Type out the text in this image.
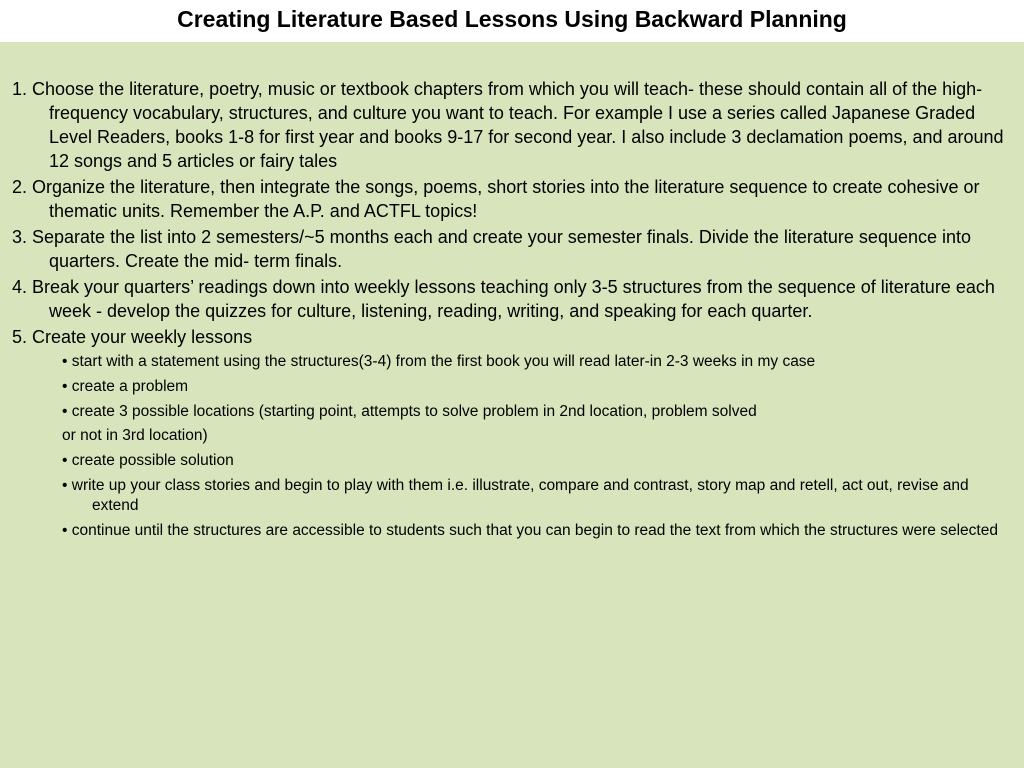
Creating Literature Based Lessons Using Backward Planning

1. Choose the literature, poetry, music or textbook chapters from which you will teach- these should contain all of the high-frequency vocabulary, structures, and culture you want to teach. For example I use a series called Japanese Graded Level Readers, books 1-8 for first year and books 9-17 for second year. I also include 3 declamation poems, and around 12 songs and 5 articles or fairy tales

2. Organize the literature, then integrate the songs, poems, short stories into the literature sequence to create cohesive or thematic units. Remember the A.P. and ACTFL topics!

3. Separate the list into 2 semesters/~5 months each and create your semester finals. Divide the literature sequence into quarters. Create the mid- term finals.

4. Break your quarters’ readings down into weekly lessons teaching only 3-5 structures from the sequence of literature each week - develop the quizzes for culture, listening, reading, writing, and speaking for each quarter.

5. Create your weekly lessons

• start with a statement using the structures(3-4) from the first book you will read later-in 2-3 weeks in my case
• create a problem
• create 3 possible locations (starting point, attempts to solve problem in 2nd location, problem solved

or not in 3rd location)

• create possible solution
• write up your class stories and begin to play with them i.e. illustrate, compare and contrast, story map and retell, act out, revise and extend
• continue until the structures are accessible to students such that you can begin to read the text from which the structures were selected
